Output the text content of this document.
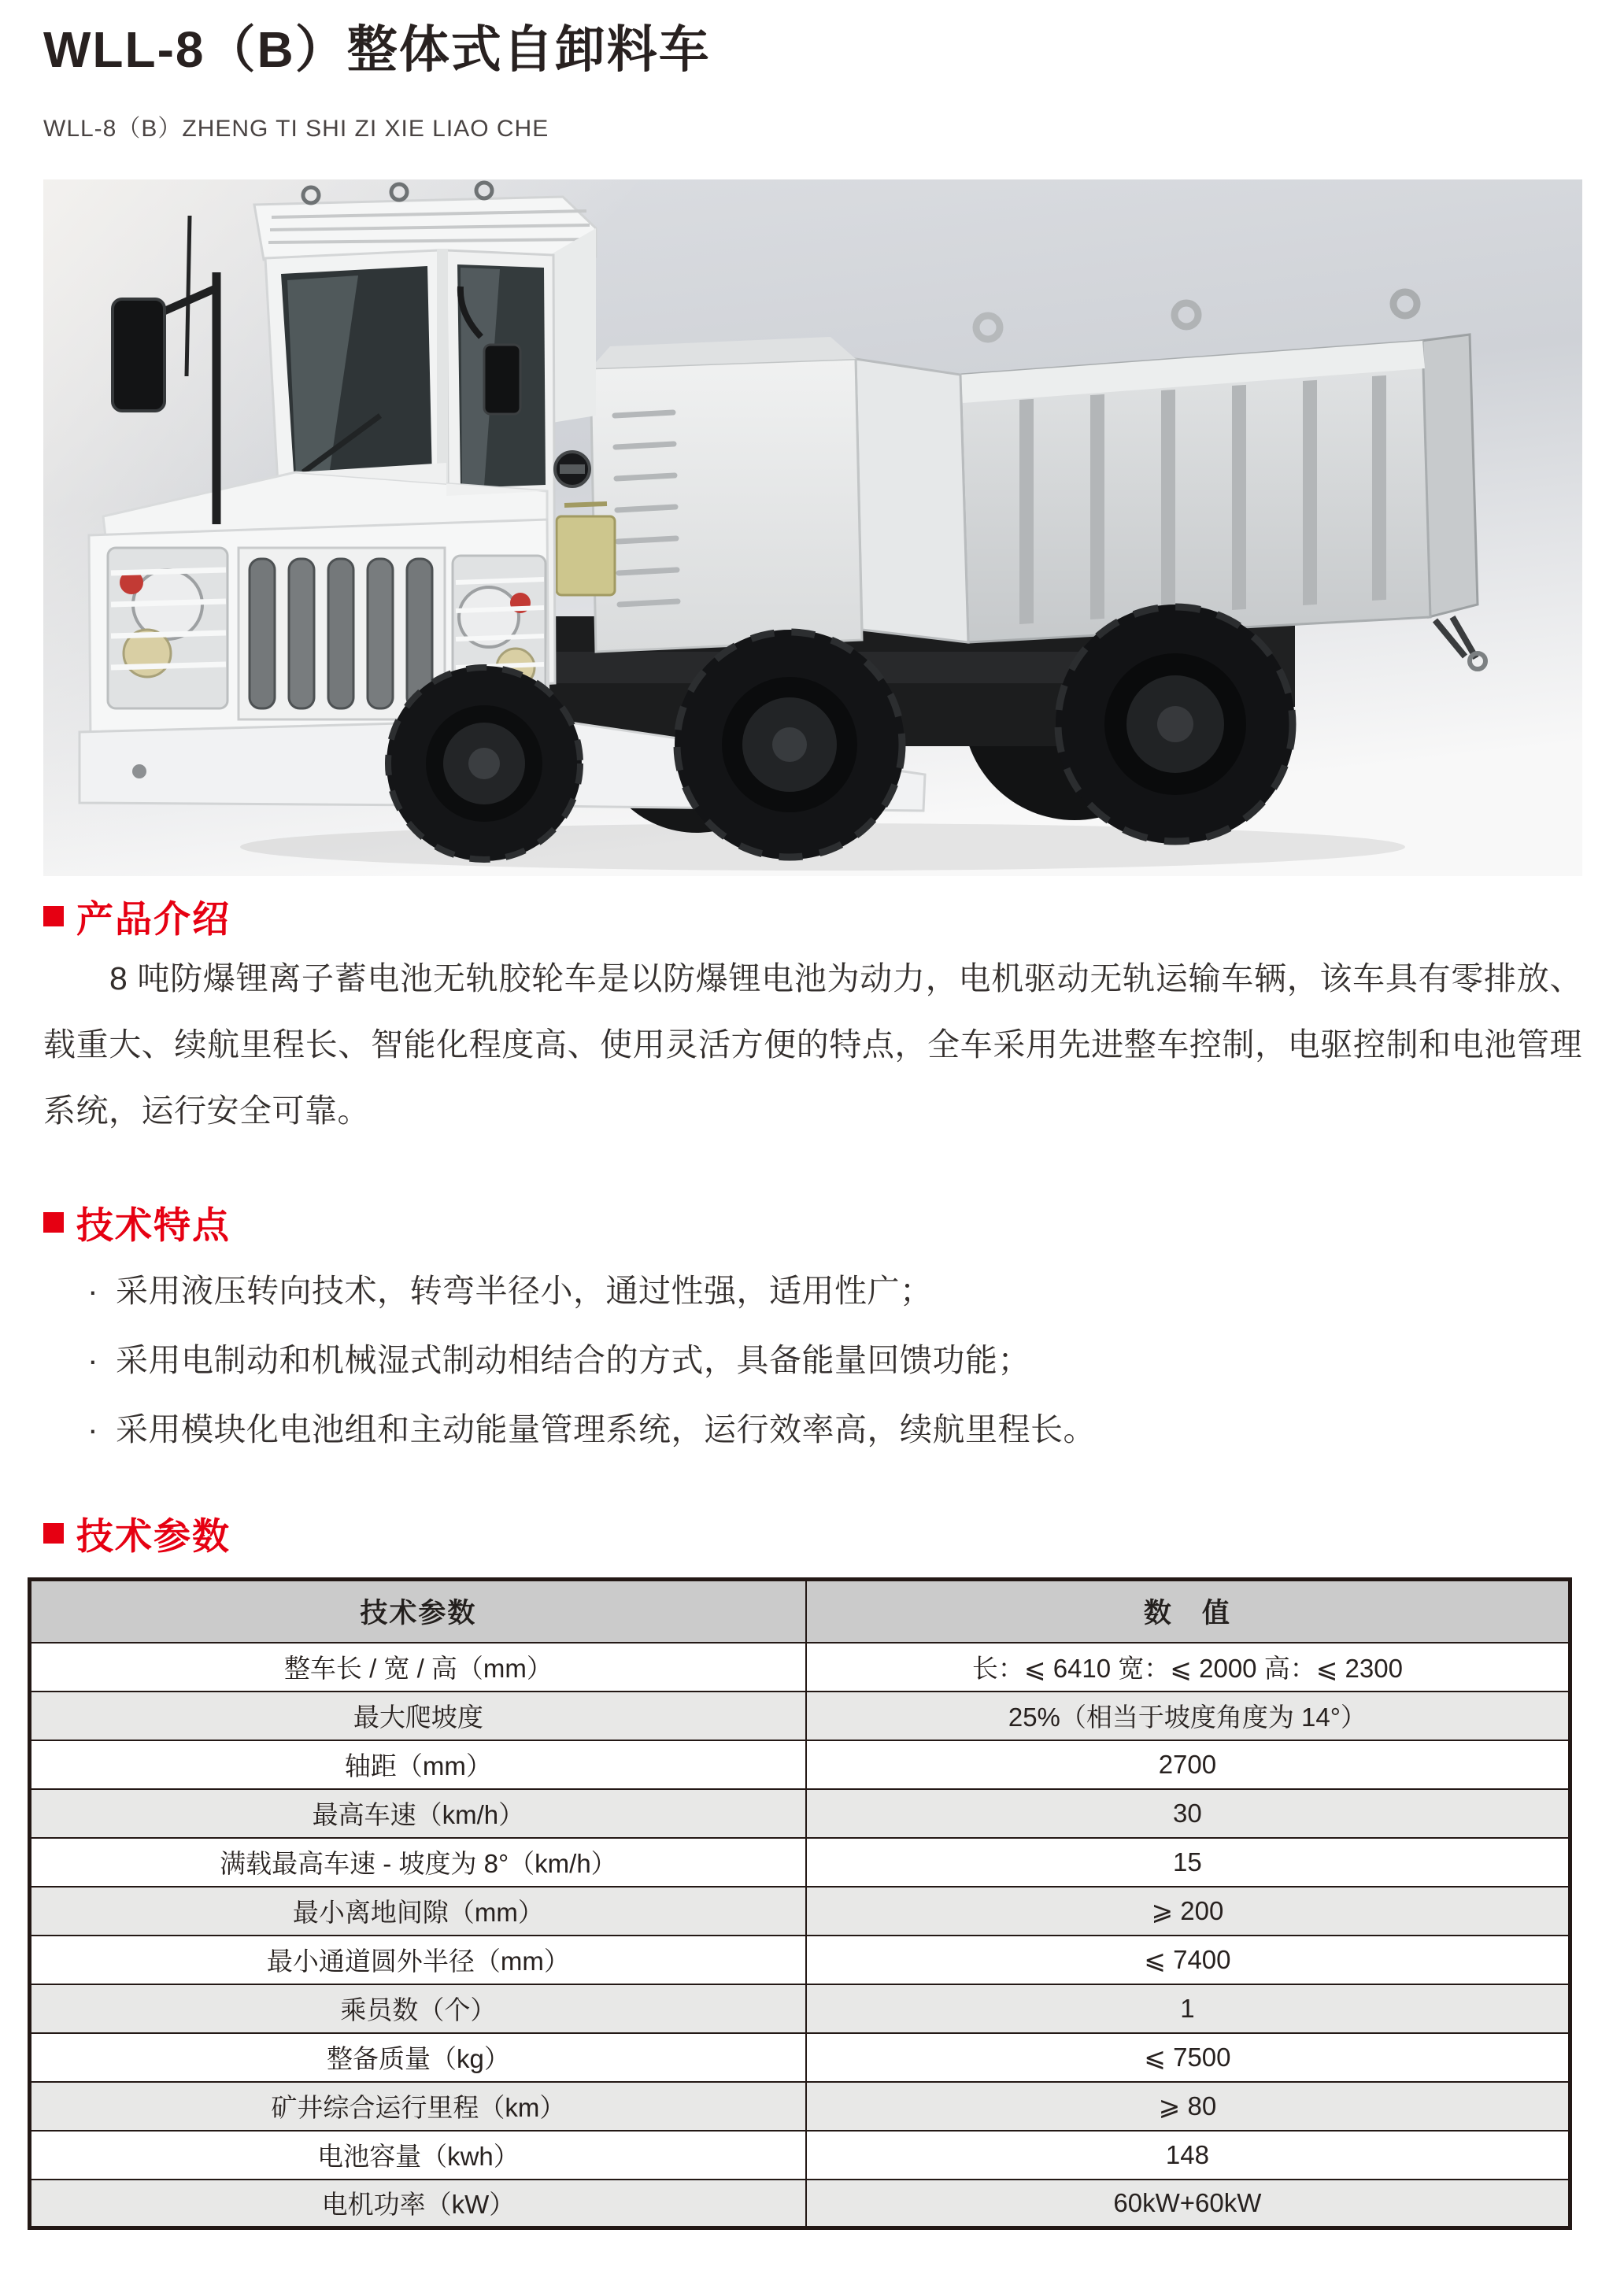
WLL-8（B）整体式自卸料车

WLL-8（B）ZHENG TI SHI ZI XIE LIAO CHE

产品介绍

8 吨防爆锂离子蓄电池无轨胶轮车是以防爆锂电池为动力，电机驱动无轨运输车辆，该车具有零排放、载重大、续航里程长、智能化程度高、使用灵活方便的特点，全车采用先进整车控制，电驱控制和电池管理系统，运行安全可靠。

技术特点
· 采用液压转向技术，转弯半径小，通过性强，适用性广；
· 采用电制动和机械湿式制动相结合的方式，具备能量回馈功能；
· 采用模块化电池组和主动能量管理系统，运行效率高，续航里程长。
技术参数
技术参数	数　值
整车长 / 宽 / 高（mm）	长：⩽ 6410 宽：⩽ 2000 高：⩽ 2300
最大爬坡度	25%（相当于坡度角度为 14°）
轴距（mm）	2700
最高车速（km/h）	30
满载最高车速 - 坡度为 8°（km/h）	15
最小离地间隙（mm）	⩾ 200
最小通道圆外半径（mm）	⩽ 7400
乘员数（个）	1
整备质量（kg）	⩽ 7500
矿井综合运行里程（km）	⩾ 80
电池容量（kwh）	148
电机功率（kW）	60kW+60kW
